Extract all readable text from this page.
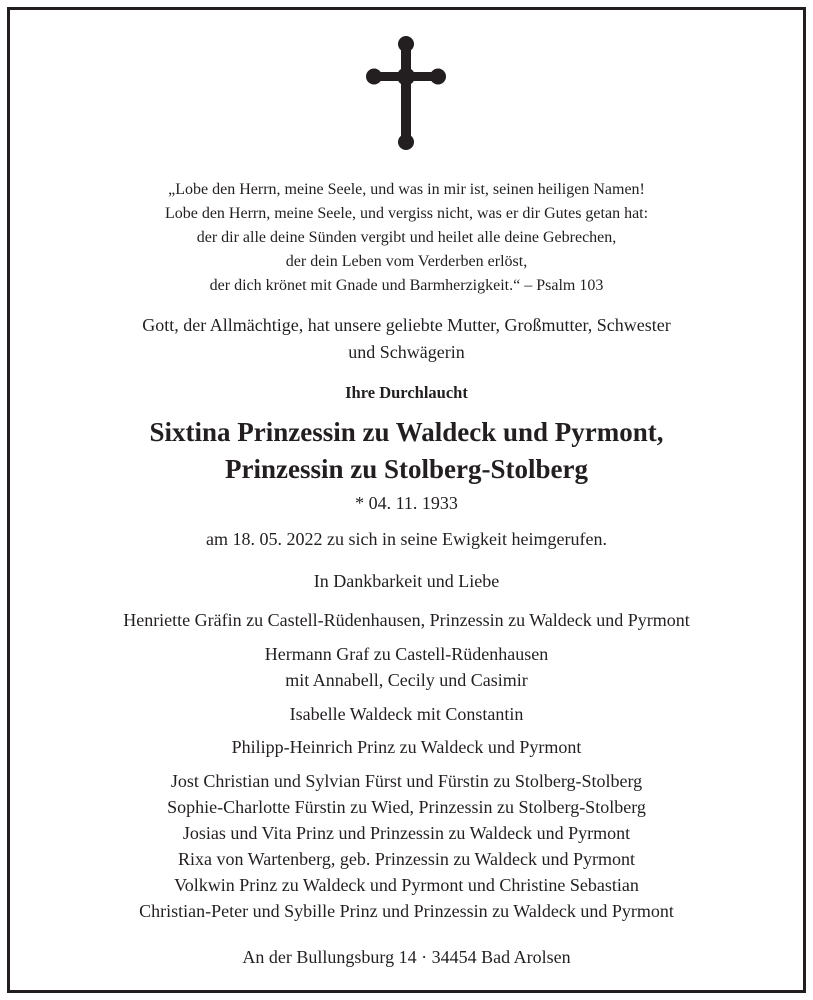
„Lobe den Herrn, meine Seele, und was in mir ist, seinen heiligen Namen!

Lobe den Herrn, meine Seele, und vergiss nicht, was er dir Gutes getan hat:

der dir alle deine Sünden vergibt und heilet alle deine Gebrechen,

der dein Leben vom Verderben erlöst,

der dich krönet mit Gnade und Barmherzigkeit.“ – Psalm 103

Gott, der Allmächtige, hat unsere geliebte Mutter, Großmutter, Schwester

und Schwägerin

Ihre Durchlaucht

Sixtina Prinzessin zu Waldeck und Pyrmont,

Prinzessin zu Stolberg-Stolberg

* 04. 11. 1933

am 18. 05. 2022 zu sich in seine Ewigkeit heimgerufen.

In Dankbarkeit und Liebe

Henriette Gräfin zu Castell-Rüdenhausen, Prinzessin zu Waldeck und Pyrmont

Hermann Graf zu Castell-Rüdenhausen

mit Annabell, Cecily und Casimir

Isabelle Waldeck mit Constantin

Philipp-Heinrich Prinz zu Waldeck und Pyrmont

Jost Christian und Sylvian Fürst und Fürstin zu Stolberg-Stolberg

Sophie-Charlotte Fürstin zu Wied, Prinzessin zu Stolberg-Stolberg

Josias und Vita Prinz und Prinzessin zu Waldeck und Pyrmont

Rixa von Wartenberg, geb. Prinzessin zu Waldeck und Pyrmont

Volkwin Prinz zu Waldeck und Pyrmont und Christine Sebastian

Christian-Peter und Sybille Prinz und Prinzessin zu Waldeck und Pyrmont

An der Bullungsburg 14 · 34454 Bad Arolsen
